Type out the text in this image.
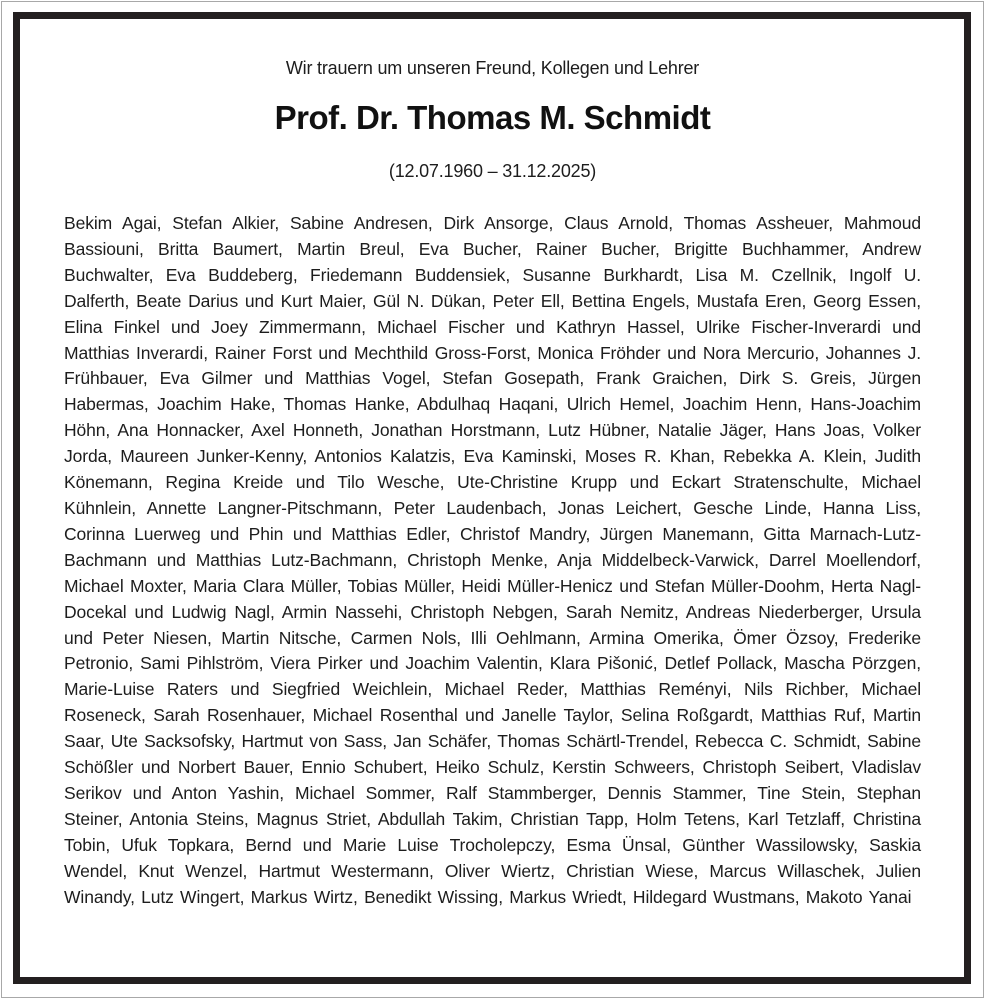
Wir trauern um unseren Freund, Kollegen und Lehrer

Prof. Dr. Thomas M. Schmidt

(12.07.1960 – 31.12.2025)

Bekim Agai, Stefan Alkier, Sabine Andresen, Dirk Ansorge, Claus Arnold, Thomas Assheuer, Mahmoud Bassiouni, Britta Baumert, Martin Breul, Eva Bucher, Rainer Bucher, Brigitte Buchhammer, Andrew Buchwalter, Eva Buddeberg, Friedemann Buddensiek, Susanne Burkhardt, Lisa M. Czellnik, Ingolf U. Dalferth, Beate Darius und Kurt Maier, Gül N. Dükan, Peter Ell, Bettina Engels, Mustafa Eren, Georg Essen, Elina Finkel und Joey Zimmermann, Michael Fischer und Kathryn Hassel, Ulrike Fischer-Inverardi und Matthias Inverardi, Rainer Forst und Mechthild Gross-Forst, Monica Fröhder und Nora Mercurio, Johannes J. Frühbauer, Eva Gilmer und Matthias Vogel, Stefan Gosepath, Frank Graichen, Dirk S. Greis, Jürgen Habermas, Joachim Hake, Thomas Hanke, Abdulhaq Haqani, Ulrich Hemel, Joachim Henn, Hans-Joachim Höhn, Ana Honnacker, Axel Honneth, Jonathan Horstmann, Lutz Hübner, Natalie Jäger, Hans Joas, Volker Jorda, Maureen Junker-Kenny, Antonios Kalatzis, Eva Kaminski, Moses R. Khan, Rebekka A. Klein, Judith Könemann, Regina Kreide und Tilo Wesche, Ute-Christine Krupp und Eckart Stratenschulte, Michael Kühnlein, Annette Langner-Pitschmann, Peter Laudenbach, Jonas Leichert, Gesche Linde, Hanna Liss, Corinna Luerweg und Phin und Matthias Edler, Christof Mandry, Jürgen Manemann, Gitta Marnach-Lutz-Bachmann und Matthias Lutz-Bachmann, Christoph Menke, Anja Middelbeck-Varwick, Darrel Moellendorf, Michael Moxter, Maria Clara Müller, Tobias Müller, Heidi Müller-Henicz und Stefan Müller-Doohm, Herta Nagl-Docekal und Ludwig Nagl, Armin Nassehi, Christoph Nebgen, Sarah Nemitz, Andreas Niederberger, Ursula und Peter Niesen, Martin Nitsche, Carmen Nols, Illi Oehlmann, Armina Omerika, Ömer Özsoy, Frederike Petronio, Sami Pihlström, Viera Pirker und Joachim Valentin, Klara Pišonić, Detlef Pollack, Mascha Pörzgen, Marie-Luise Raters und Siegfried Weichlein, Michael Reder, Matthias Reményi, Nils Richber, Michael Roseneck, Sarah Rosenhauer, Michael Rosenthal und Janelle Taylor, Selina Roßgardt, Matthias Ruf, Martin Saar, Ute Sacksofsky, Hartmut von Sass, Jan Schäfer, Thomas Schärtl-Trendel, Rebecca C. Schmidt, Sabine Schößler und Norbert Bauer, Ennio Schubert, Heiko Schulz, Kerstin Schweers, Christoph Seibert, Vladislav Serikov und Anton Yashin, Michael Sommer, Ralf Stammberger, Dennis Stammer, Tine Stein, Stephan Steiner, Antonia Steins, Magnus Striet, Abdullah Takim, Christian Tapp, Holm Tetens, Karl Tetzlaff, Christina Tobin, Ufuk Topkara, Bernd und Marie Luise Trocholepczy, Esma Ünsal, Günther Wassilowsky, Saskia Wendel, Knut Wenzel, Hartmut Westermann, Oliver Wiertz, Christian Wiese, Marcus Willaschek, Julien Winandy, Lutz Wingert, Markus Wirtz, Benedikt Wissing, Markus Wriedt, Hildegard Wustmans, Makoto Yanai
